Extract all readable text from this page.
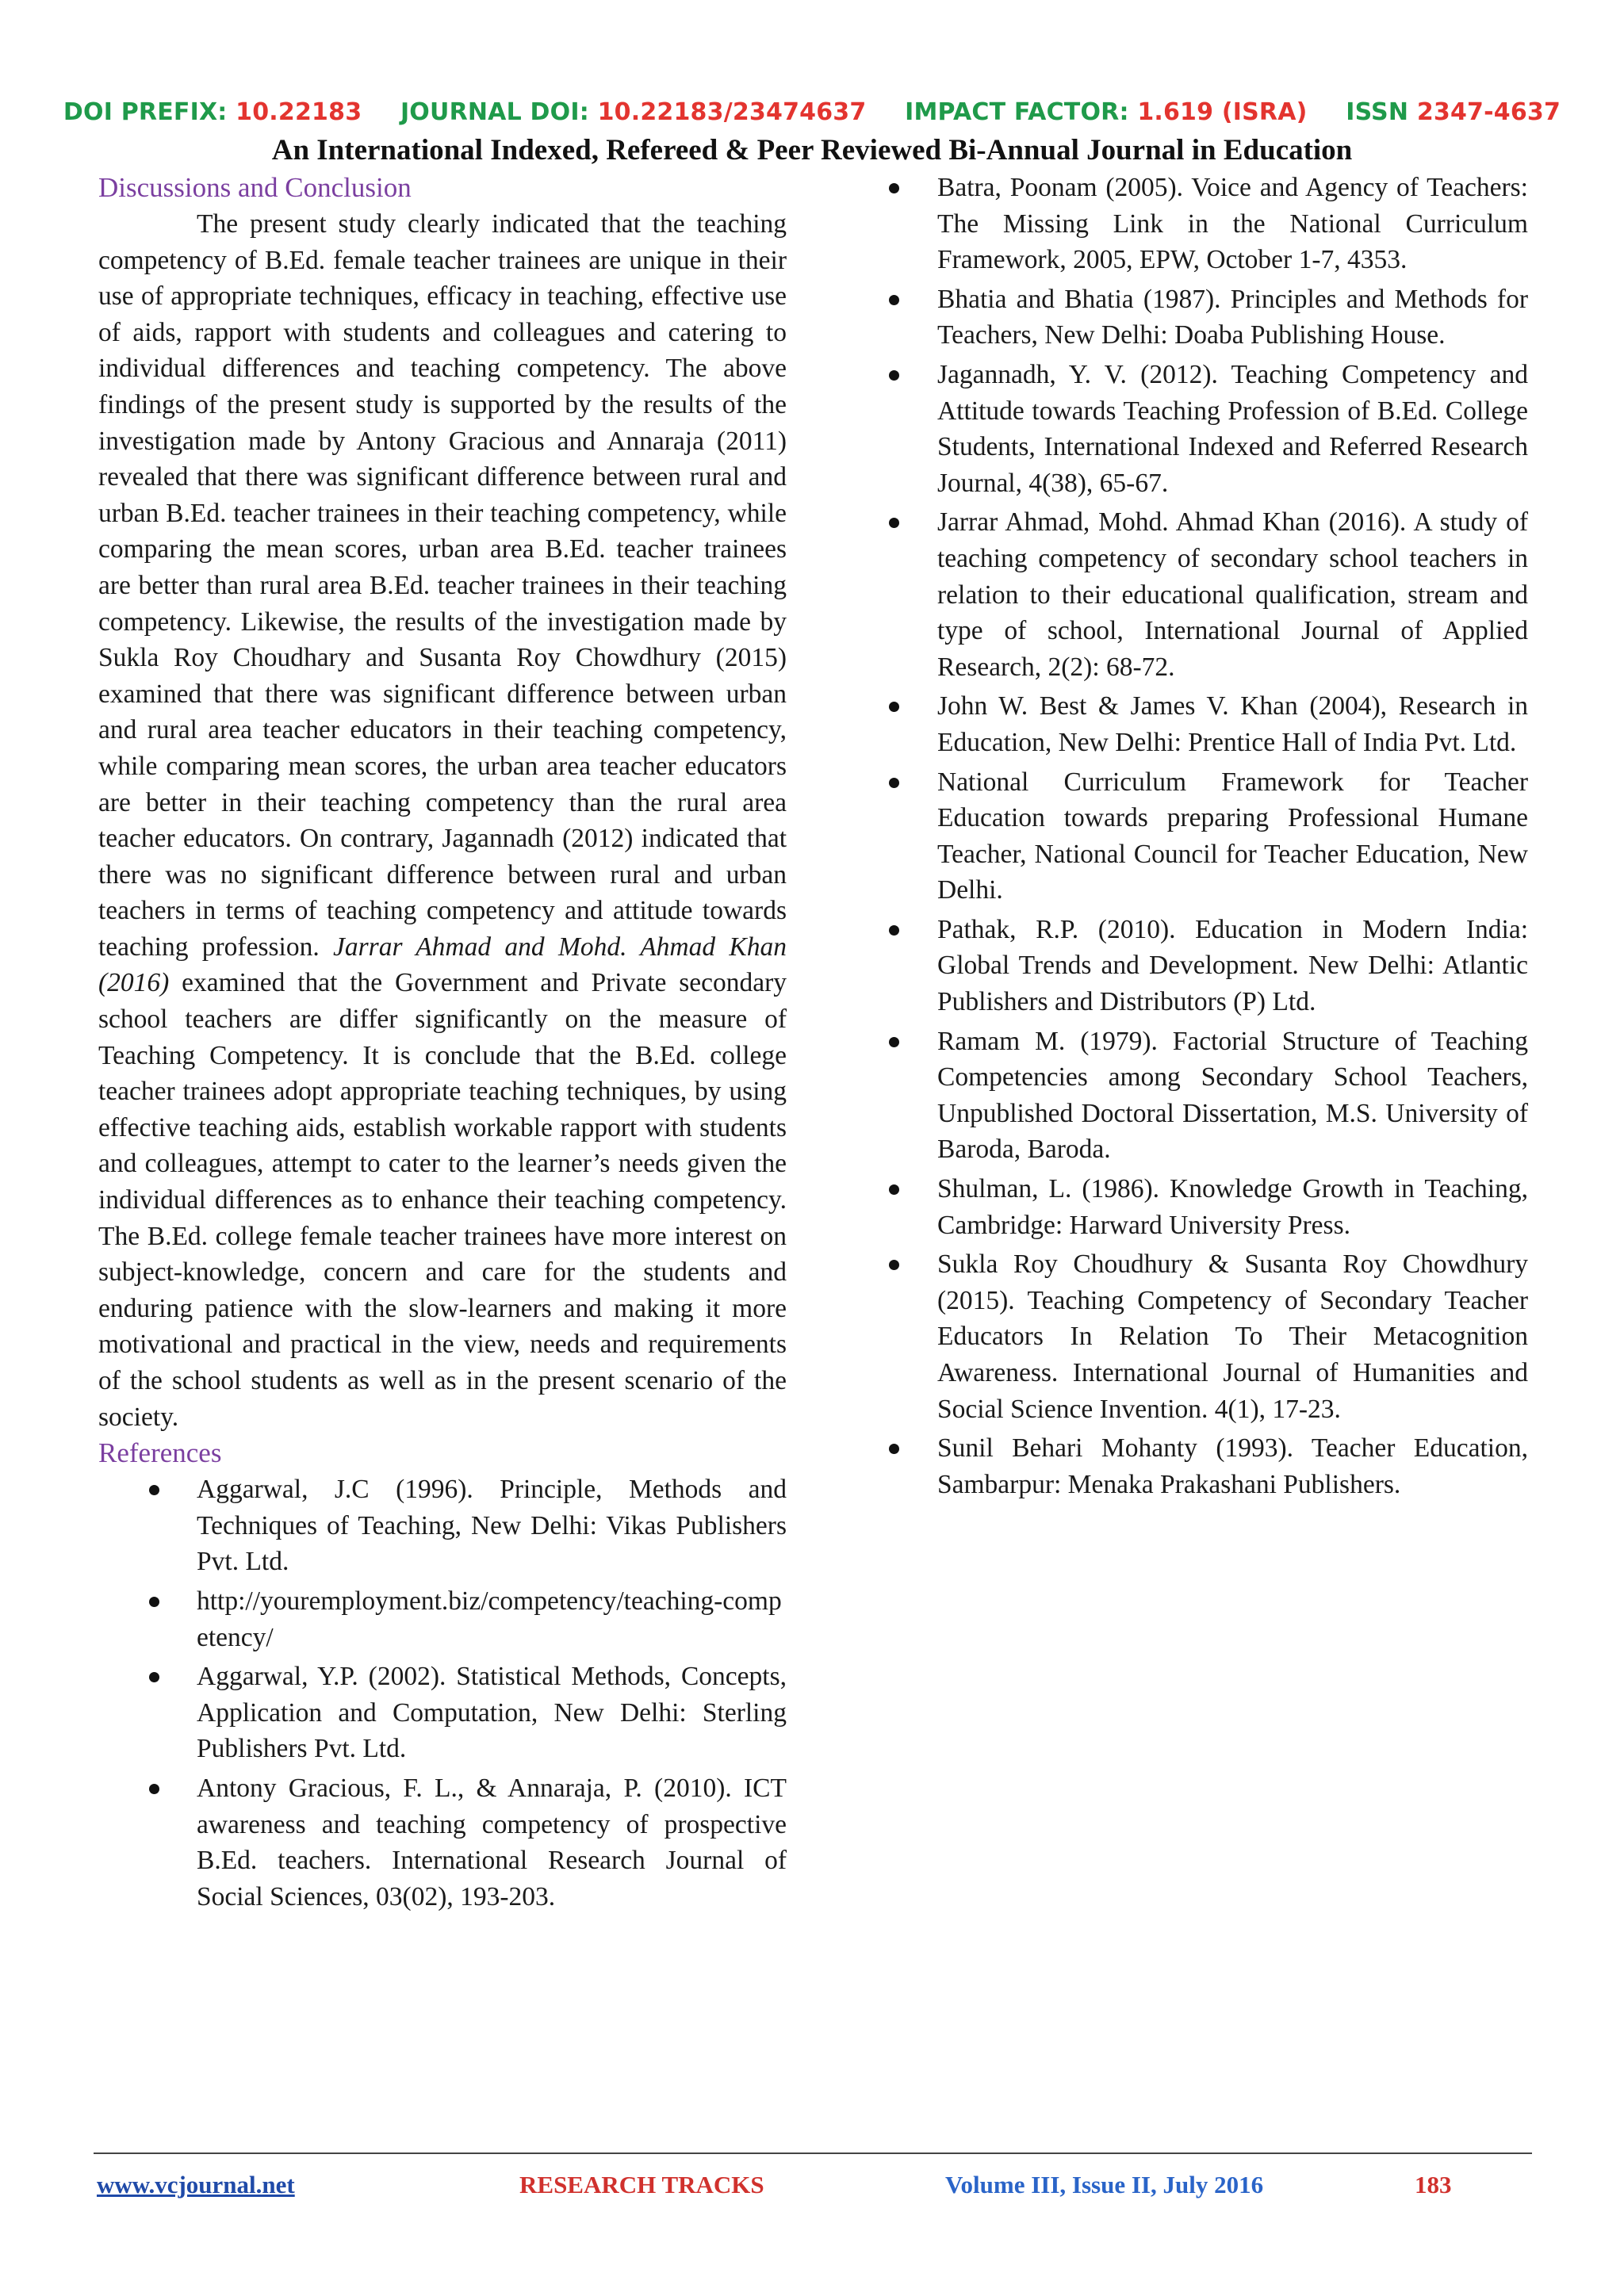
DOI PREFIX: 10.22183 JOURNAL DOI: 10.22183/23474637 IMPACT FACTOR: 1.619 (ISRA) ISSN 2347-4637
An International Indexed, Refereed & Peer Reviewed Bi-Annual Journal in Education
Discussions and Conclusion

The present study clearly indicated that the teaching competency of B.Ed. female teacher trainees are unique in their use of appropriate techniques, efficacy in teaching, effective use of aids, rapport with students and colleagues and catering to individual differences and teaching competency. The above findings of the present study is supported by the results of the investigation made by Antony Gracious and Annaraja (2011) revealed that there was significant difference between rural and urban B.Ed. teacher trainees in their teaching competency, while comparing the mean scores, urban area B.Ed. teacher trainees are better than rural area B.Ed. teacher trainees in their teaching competency. Likewise, the results of the investigation made by Sukla Roy Choudhary and Susanta Roy Chowdhury (2015) examined that there was significant difference between urban and rural area teacher educators in their teaching competency, while comparing mean scores, the urban area teacher educators are better in their teaching competency than the rural area teacher educators. On contrary, Jagannadh (2012) indicated that there was no significant difference between rural and urban teachers in terms of teaching competency and attitude towards teaching profession. Jarrar Ahmad and Mohd. Ahmad Khan (2016) examined that the Government and Private secondary school teachers are differ significantly on the measure of Teaching Competency. It is conclude that the B.Ed. college teacher trainees adopt appropriate teaching techniques, by using effective teaching aids, establish workable rapport with students and colleagues, attempt to cater to the learner’s needs given the individual differences as to enhance their teaching competency. The B.Ed. college female teacher trainees have more interest on subject-knowledge, concern and care for the students and enduring patience with the slow-learners and making it more motivational and practical in the view, needs and requirements of the school students as well as in the present scenario of the society.

References
Aggarwal, J.C (1996). Principle, Methods and Techniques of Teaching, New Delhi: Vikas Publishers Pvt. Ltd.
http://youremployment.biz/competency/teaching-competency/
Aggarwal, Y.P. (2002). Statistical Methods, Concepts, Application and Computation, New Delhi: Sterling Publishers Pvt. Ltd.
Antony Gracious, F. L., & Annaraja, P. (2010). ICT awareness and teaching competency of prospective B.Ed. teachers. International Research Journal of Social Sciences, 03(02), 193-203.
Batra, Poonam (2005). Voice and Agency of Teachers: The Missing Link in the National Curriculum Framework, 2005, EPW, October 1-7, 4353.
Bhatia and Bhatia (1987). Principles and Methods for Teachers, New Delhi: Doaba Publishing House.
Jagannadh, Y. V. (2012). Teaching Competency and Attitude towards Teaching Profession of B.Ed. College Students, International Indexed and Referred Research Journal, 4(38), 65-67.
Jarrar Ahmad, Mohd. Ahmad Khan (2016). A study of teaching competency of secondary school teachers in relation to their educational qualification, stream and type of school, International Journal of Applied Research, 2(2): 68-72.
John W. Best & James V. Khan (2004), Research in Education, New Delhi: Prentice Hall of India Pvt. Ltd.
National Curriculum Framework for Teacher Education towards preparing Professional Humane Teacher, National Council for Teacher Education, New Delhi.
Pathak, R.P. (2010). Education in Modern India: Global Trends and Development. New Delhi: Atlantic Publishers and Distributors (P) Ltd.
Ramam M. (1979). Factorial Structure of Teaching Competencies among Secondary School Teachers, Unpublished Doctoral Dissertation, M.S. University of Baroda, Baroda.
Shulman, L. (1986). Knowledge Growth in Teaching, Cambridge: Harward University Press.
Sukla Roy Choudhury & Susanta Roy Chowdhury (2015). Teaching Competency of Secondary Teacher Educators In Relation To Their Metacognition Awareness. International Journal of Humanities and Social Science Invention. 4(1), 17-23.
Sunil Behari Mohanty (1993). Teacher Education, Sambarpur: Menaka Prakashani Publishers.
www.vcjournal.net	RESEARCH TRACKS	Volume III, Issue II, July 2016	183
